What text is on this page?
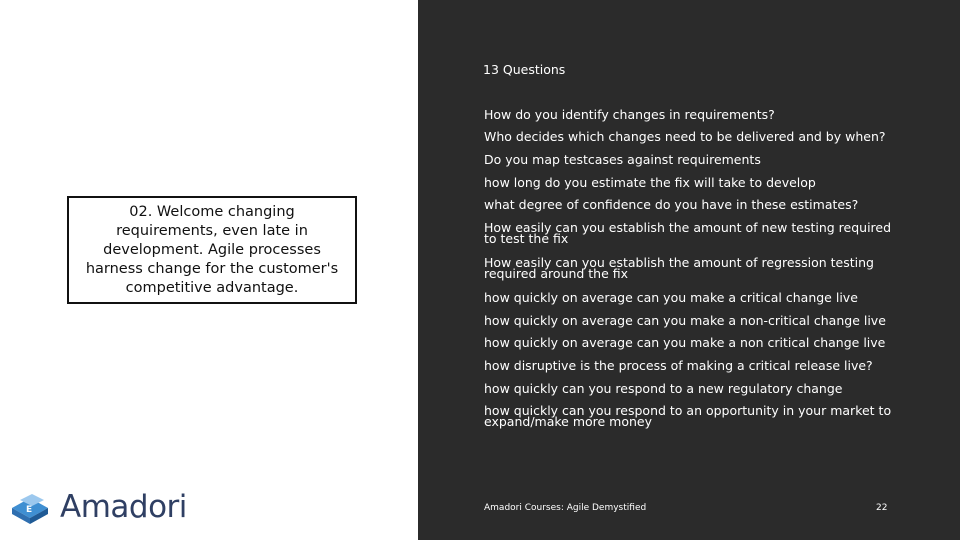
02. Welcome changing requirements, even late in development. Agile processes harness change for the customer's competitive advantage.
E Amadori
13 Questions
How do you identify changes in requirements?
Who decides which changes need to be delivered and by when?
Do you map testcases against requirements
how long do you estimate the fix will take to develop
what degree of confidence do you have in these estimates?
How easily can you establish the amount of new testing required to test the fix
How easily can you establish the amount of regression testing required around the fix
how quickly on average can you make a critical change live
how quickly on average can you make a non-critical change live
how quickly on average can you make a non critical change live
how disruptive is the process of making a critical release live?
how quickly can you respond to a new regulatory change
how quickly can you respond to an opportunity in your market to expand/make more money
Amadori Courses: Agile Demystified	22
